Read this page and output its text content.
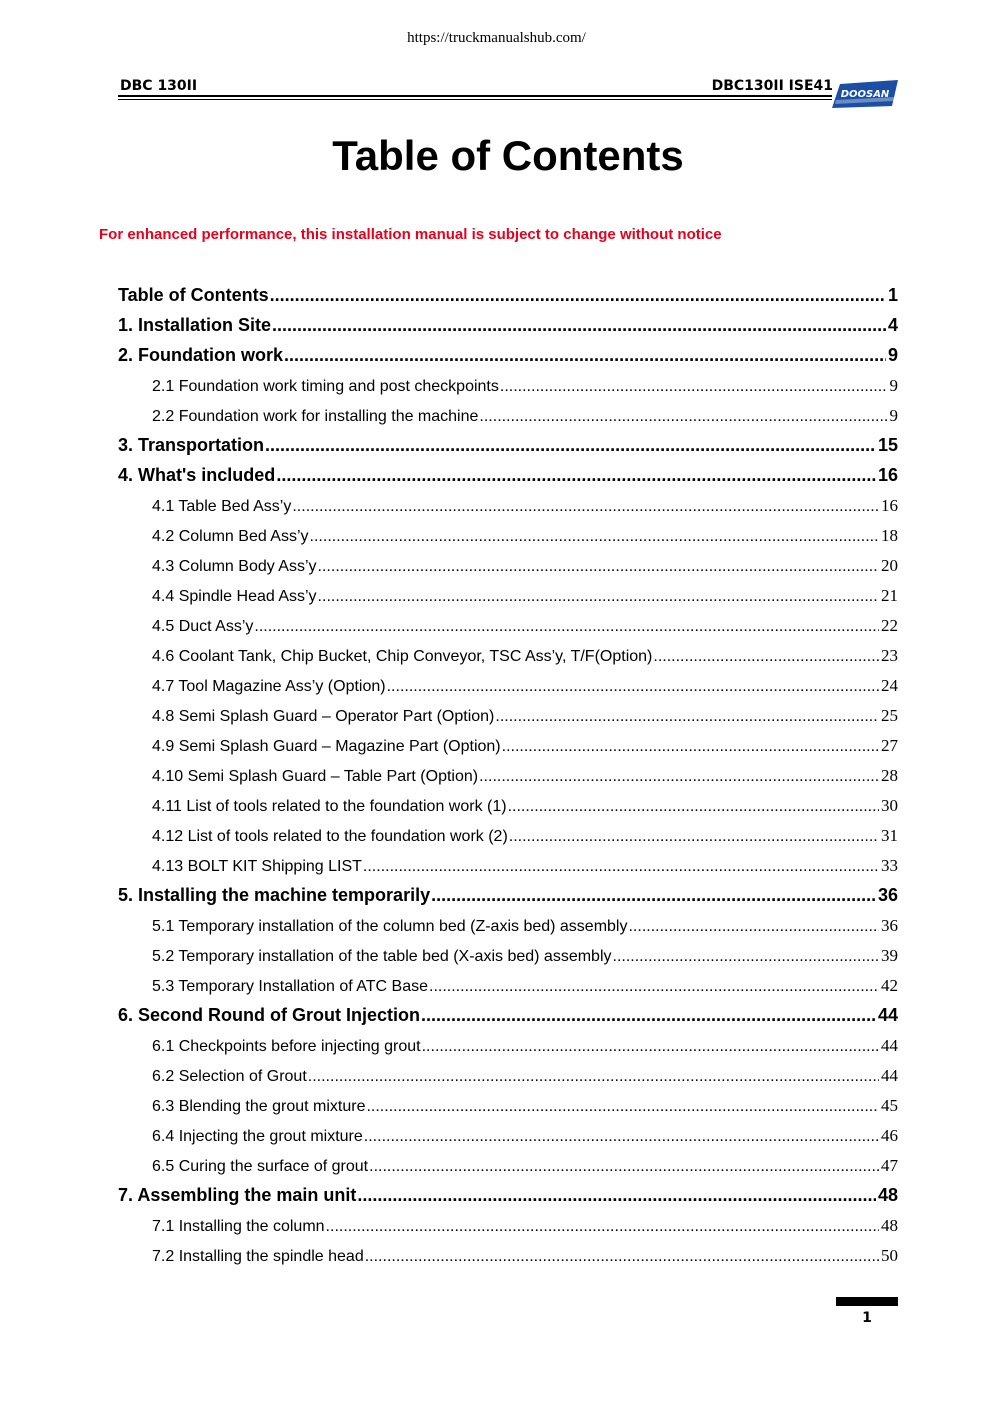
https://truckmanualshub.com/
DBC 130II	DBC130II ISE41
DOOSAN
Table of Contents
For enhanced performance, this installation manual is subject to change without notice
Table of Contents .....	1
1. Installation Site .....	4
2. Foundation work .....	9
2.1 Foundation work timing and post checkpoints .....	9
2.2 Foundation work for installing the machine .....	9
3. Transportation .....	15
4. What's included .....	16
4.1 Table Bed Ass’y .....	16
4.2 Column Bed Ass’y .....	18
4.3 Column Body Ass’y .....	20
4.4 Spindle Head Ass’y .....	21
4.5 Duct Ass’y .....	22
4.6 Coolant Tank, Chip Bucket, Chip Conveyor, TSC Ass’y, T/F(Option) .....	23
4.7 Tool Magazine Ass’y (Option) .....	24
4.8 Semi Splash Guard – Operator Part (Option) .....	25
4.9 Semi Splash Guard – Magazine Part (Option) .....	27
4.10 Semi Splash Guard – Table Part (Option) .....	28
4.11 List of tools related to the foundation work (1) .....	30
4.12 List of tools related to the foundation work (2) .....	31
4.13 BOLT KIT Shipping LIST .....	33
5. Installing the machine temporarily .....	36
5.1 Temporary installation of the column bed (Z-axis bed) assembly .....	36
5.2 Temporary installation of the table bed (X-axis bed) assembly .....	39
5.3 Temporary Installation of ATC Base .....	42
6. Second Round of Grout Injection .....	44
6.1 Checkpoints before injecting grout .....	44
6.2 Selection of Grout .....	44
6.3 Blending the grout mixture .....	45
6.4 Injecting the grout mixture .....	46
6.5 Curing the surface of grout .....	47
7. Assembling the main unit .....	48
7.1 Installing the column .....	48
7.2 Installing the spindle head .....	50
1
